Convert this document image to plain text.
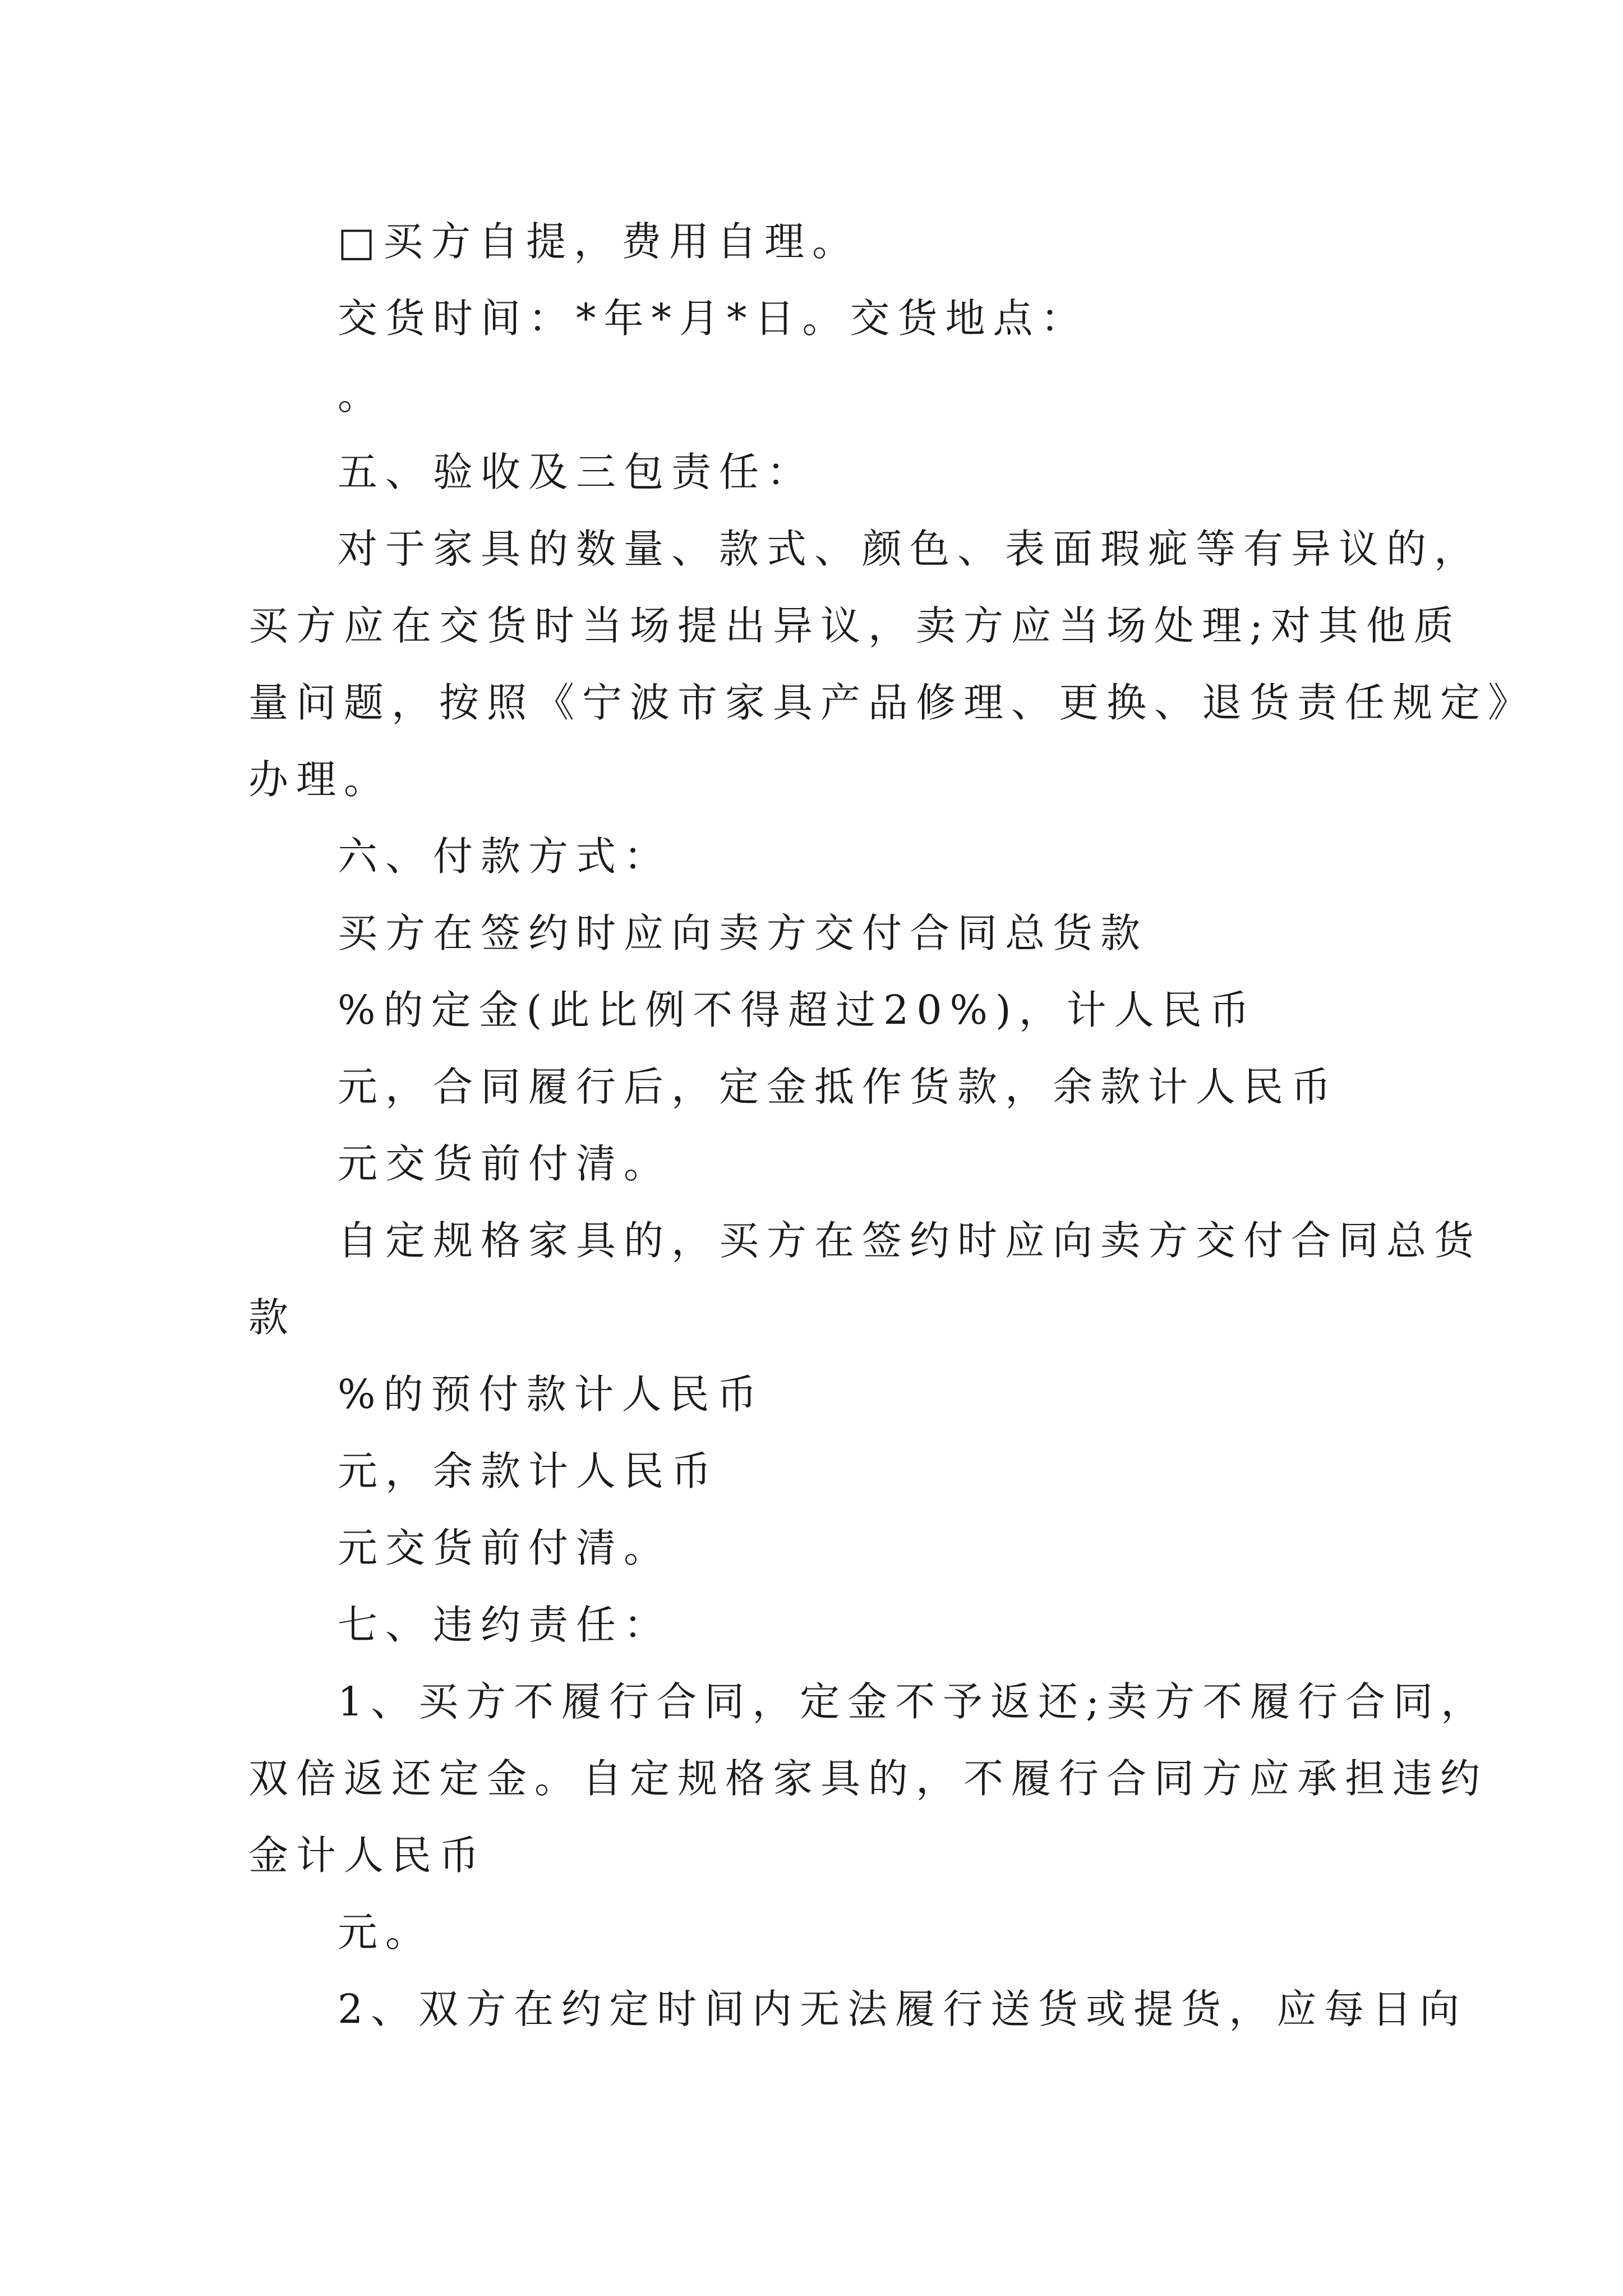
□买方自提，费用自理。
交货时间：*年*月*日。交货地点：
。
五、验收及三包责任：
对于家具的数量、款式、颜色、表面瑕疵等有异议的，
买方应在交货时当场提出异议，卖方应当场处理;对其他质
量问题，按照《宁波市家具产品修理、更换、退货责任规定》
办理。
六、付款方式：
买方在签约时应向卖方交付合同总货款
%的定金(此比例不得超过20%)，计人民币
元，合同履行后，定金抵作货款，余款计人民币
元交货前付清。
自定规格家具的，买方在签约时应向卖方交付合同总货
款
%的预付款计人民币
元，余款计人民币
元交货前付清。
七、违约责任：
1、买方不履行合同，定金不予返还;卖方不履行合同，
双倍返还定金。自定规格家具的，不履行合同方应承担违约
金计人民币
元。
2、双方在约定时间内无法履行送货或提货，应每日向
